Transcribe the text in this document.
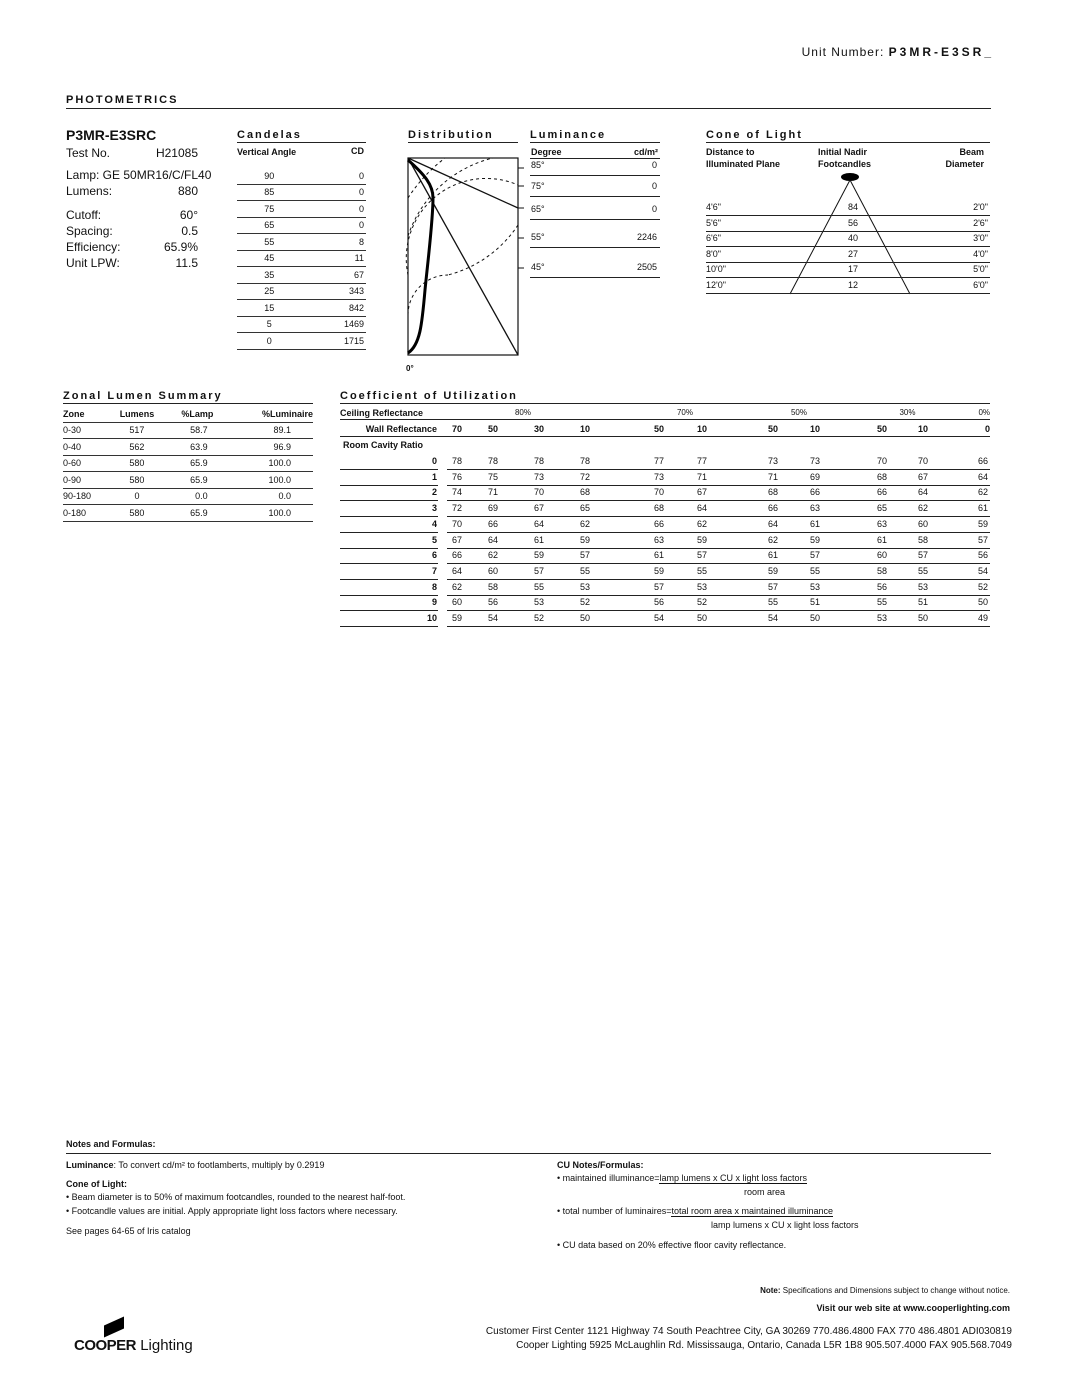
Unit Number: P3MR-E3SR_
PHOTOMETRICS
P3MR-E3SRC
Test No.	H21085
Lamp: GE 50MR16/C/FL40
Lumens:	880
Cutoff:	60°
Spacing:	0.5
Efficiency:	65.9%
Unit LPW:	11.5
Candelas
Vertical Angle	CD
90	0
85	0
75	0
65	0
55	8
45	11
35	67
25	343
15	842
5	1469
0	1715
Distribution
0°
Luminance
Degree	cd/m²
85°	0
75°	0
65°	0
55°	2246
45°	2505
Cone of Light
Distance to
Illuminated Plane
Initial Nadir
Footcandles
Beam
Diameter
4'6"	84	2'0"
5'6"	56	2'6"
6'6"	40	3'0"
8'0"	27	4'0"
10'0"	17	5'0"
12'0"	12	6'0"
Zonal Lumen Summary
Zone	Lumens	%Lamp	%Luminaire
0-30	517	58.7	89.1
0-40	562	63.9	96.9
0-60	580	65.9	100.0
0-90	580	65.9	100.0
90-180	0	0.0	0.0
0-180	580	65.9	100.0
Coefficient of Utilization
Ceiling Reflectance	80%	70%	50%	30%	0%
Wall Reflectance 70	50	30	10	50	10	50	10	50	10	0
Room Cavity Ratio
0 78	78	78	78	77	77	73	73	70	70	66
1 76	75	73	72	73	71	71	69	68	67	64
2 74	71	70	68	70	67	68	66	66	64	62
3 72	69	67	65	68	64	66	63	65	62	61
4 70	66	64	62	66	62	64	61	63	60	59
5 67	64	61	59	63	59	62	59	61	58	57
6 66	62	59	57	61	57	61	57	60	57	56
7 64	60	57	55	59	55	59	55	58	55	54
8 62	58	55	53	57	53	57	53	56	53	52
9 60	56	53	52	56	52	55	51	55	51	50
10 59	54	52	50	54	50	54	50	53	50	49
Notes and Formulas:
Luminance: To convert cd/m² to footlamberts, multiply by 0.2919
Cone of Light:
• Beam diameter is to 50% of maximum footcandles, rounded to the nearest half-foot.
• Footcandle values are initial. Apply appropriate light loss factors where necessary.
See pages 64-65 of Iris catalog
CU Notes/Formulas:
• maintained illuminance=lamp lumens x CU x light loss factors
room area
• total number of luminaires=total room area x maintained illuminance
lamp lumens x CU x light loss factors
• CU data based on 20% effective floor cavity reflectance.
Note: Specifications and Dimensions subject to change without notice.
Visit our web site at www.cooperlighting.com
Customer First Center 1121 Highway 74 South Peachtree City, GA 30269 770.486.4800 FAX 770 486.4801 ADI030819
Cooper Lighting 5925 McLaughlin Rd. Mississauga, Ontario, Canada L5R 1B8 905.507.4000 FAX 905.568.7049
COOPER Lighting
